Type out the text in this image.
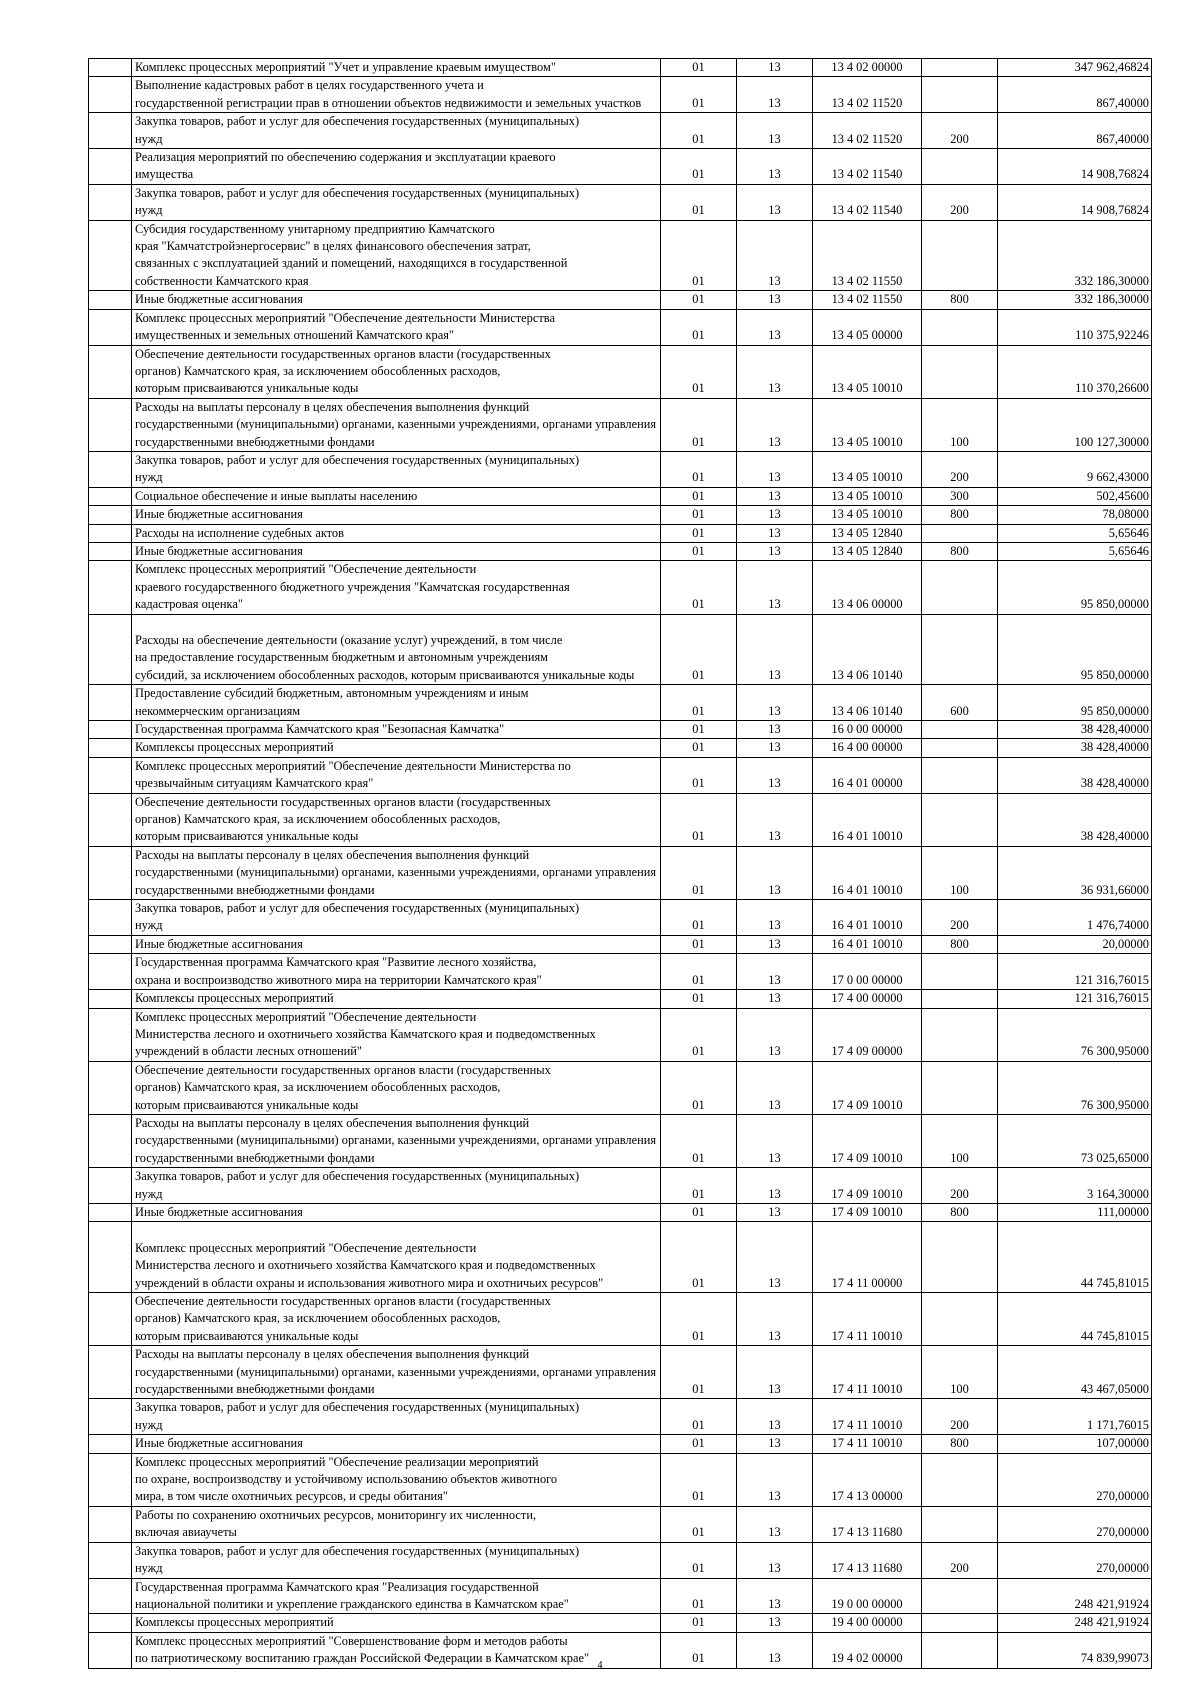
	Комплекс процессных мероприятий "Учет и управление краевым имуществом"	01	13	13 4 02 00000		347 962,46824

	Выполнение кадастровых работ в целях государственного учета и
государственной регистрации прав в отношении объектов недвижимости и земельных участков	01	13	13 4 02 11520		867,40000

	Закупка товаров, работ и услуг для обеспечения государственных (муниципальных)
нужд	01	13	13 4 02 11520	200	867,40000

	Реализация мероприятий по обеспечению содержания и эксплуатации краевого
имущества	01	13	13 4 02 11540		14 908,76824

	Закупка товаров, работ и услуг для обеспечения государственных (муниципальных)
нужд	01	13	13 4 02 11540	200	14 908,76824

	Субсидия государственному унитарному предприятию Камчатского
края "Камчатстройэнергосервис" в целях финансового обеспечения затрат,
связанных с эксплуатацией зданий и помещений, находящихся в государственной
собственности Камчатского края	01	13	13 4 02 11550		332 186,30000

	Иные бюджетные ассигнования	01	13	13 4 02 11550	800	332 186,30000

	Комплекс процессных мероприятий "Обеспечение деятельности Министерства
имущественных и земельных отношений Камчатского края"	01	13	13 4 05 00000		110 375,92246

	Обеспечение деятельности государственных органов власти (государственных
органов) Камчатского края, за исключением обособленных расходов,
которым присваиваются уникальные коды	01	13	13 4 05 10010		110 370,26600

	Расходы на выплаты персоналу в целях обеспечения выполнения функций
государственными (муниципальными) органами, казенными учреждениями, органами управления
государственными внебюджетными фондами	01	13	13 4 05 10010	100	100 127,30000

	Закупка товаров, работ и услуг для обеспечения государственных (муниципальных)
нужд	01	13	13 4 05 10010	200	9 662,43000

	Социальное обеспечение и иные выплаты населению	01	13	13 4 05 10010	300	502,45600

	Иные бюджетные ассигнования	01	13	13 4 05 10010	800	78,08000

	Расходы на исполнение судебных актов	01	13	13 4 05 12840		5,65646

	Иные бюджетные ассигнования	01	13	13 4 05 12840	800	5,65646

	Комплекс процессных мероприятий "Обеспечение деятельности
краевого государственного бюджетного учреждения "Камчатская государственная
кадастровая оценка"	01	13	13 4 06 00000		95 850,00000

	Расходы на обеспечение деятельности (оказание услуг) учреждений, в том числе
на предоставление государственным бюджетным и автономным учреждениям
субсидий, за исключением обособленных расходов, которым присваиваются уникальные коды	01	13	13 4 06 10140		95 850,00000

	Предоставление субсидий бюджетным, автономным учреждениям и иным
некоммерческим организациям	01	13	13 4 06 10140	600	95 850,00000

	Государственная программа Камчатского края "Безопасная Камчатка"	01	13	16 0 00 00000		38 428,40000

	Комплексы процессных мероприятий	01	13	16 4 00 00000		38 428,40000

	Комплекс процессных мероприятий "Обеспечение деятельности Министерства по
чрезвычайным ситуациям Камчатского края"	01	13	16 4 01 00000		38 428,40000

	Обеспечение деятельности государственных органов власти (государственных
органов) Камчатского края, за исключением обособленных расходов,
которым присваиваются уникальные коды	01	13	16 4 01 10010		38 428,40000

	Расходы на выплаты персоналу в целях обеспечения выполнения функций
государственными (муниципальными) органами, казенными учреждениями, органами управления
государственными внебюджетными фондами	01	13	16 4 01 10010	100	36 931,66000

	Закупка товаров, работ и услуг для обеспечения государственных (муниципальных)
нужд	01	13	16 4 01 10010	200	1 476,74000

	Иные бюджетные ассигнования	01	13	16 4 01 10010	800	20,00000

	Государственная программа Камчатского края "Развитие лесного хозяйства,
охрана и воспроизводство животного мира на территории Камчатского края"	01	13	17 0 00 00000		121 316,76015

	Комплексы процессных мероприятий	01	13	17 4 00 00000		121 316,76015

	Комплекс процессных мероприятий "Обеспечение деятельности
Министерства лесного и охотничьего хозяйства Камчатского края и подведомственных
учреждений в области лесных отношений"	01	13	17 4 09 00000		76 300,95000

	Обеспечение деятельности государственных органов власти (государственных
органов) Камчатского края, за исключением обособленных расходов,
которым присваиваются уникальные коды	01	13	17 4 09 10010		76 300,95000

	Расходы на выплаты персоналу в целях обеспечения выполнения функций
государственными (муниципальными) органами, казенными учреждениями, органами управления
государственными внебюджетными фондами	01	13	17 4 09 10010	100	73 025,65000

	Закупка товаров, работ и услуг для обеспечения государственных (муниципальных)
нужд	01	13	17 4 09 10010	200	3 164,30000

	Иные бюджетные ассигнования	01	13	17 4 09 10010	800	111,00000

	Комплекс процессных мероприятий "Обеспечение деятельности
Министерства лесного и охотничьего хозяйства Камчатского края и подведомственных
учреждений в области охраны и использования животного мира и охотничьих ресурсов"	01	13	17 4 11 00000		44 745,81015

	Обеспечение деятельности государственных органов власти (государственных
органов) Камчатского края, за исключением обособленных расходов,
которым присваиваются уникальные коды	01	13	17 4 11 10010		44 745,81015

	Расходы на выплаты персоналу в целях обеспечения выполнения функций
государственными (муниципальными) органами, казенными учреждениями, органами управления
государственными внебюджетными фондами	01	13	17 4 11 10010	100	43 467,05000

	Закупка товаров, работ и услуг для обеспечения государственных (муниципальных)
нужд	01	13	17 4 11 10010	200	1 171,76015

	Иные бюджетные ассигнования	01	13	17 4 11 10010	800	107,00000

	Комплекс процессных мероприятий "Обеспечение реализации мероприятий
по охране, воспроизводству и устойчивому использованию объектов животного
мира, в том числе охотничьих ресурсов, и среды обитания"	01	13	17 4 13 00000		270,00000

	Работы по сохранению охотничьих ресурсов, мониторингу их численности,
включая авиаучеты	01	13	17 4 13 11680		270,00000

	Закупка товаров, работ и услуг для обеспечения государственных (муниципальных)
нужд	01	13	17 4 13 11680	200	270,00000

	Государственная программа Камчатского края "Реализация государственной
национальной политики и укрепление гражданского единства в Камчатском крае"	01	13	19 0 00 00000		248 421,91924

	Комплексы процессных мероприятий	01	13	19 4 00 00000		248 421,91924

	Комплекс процессных мероприятий "Совершенствование форм и методов работы
по патриотическому воспитанию граждан Российской Федерации в Камчатском крае"	01	13	19 4 02 00000		74 839,99073
4
